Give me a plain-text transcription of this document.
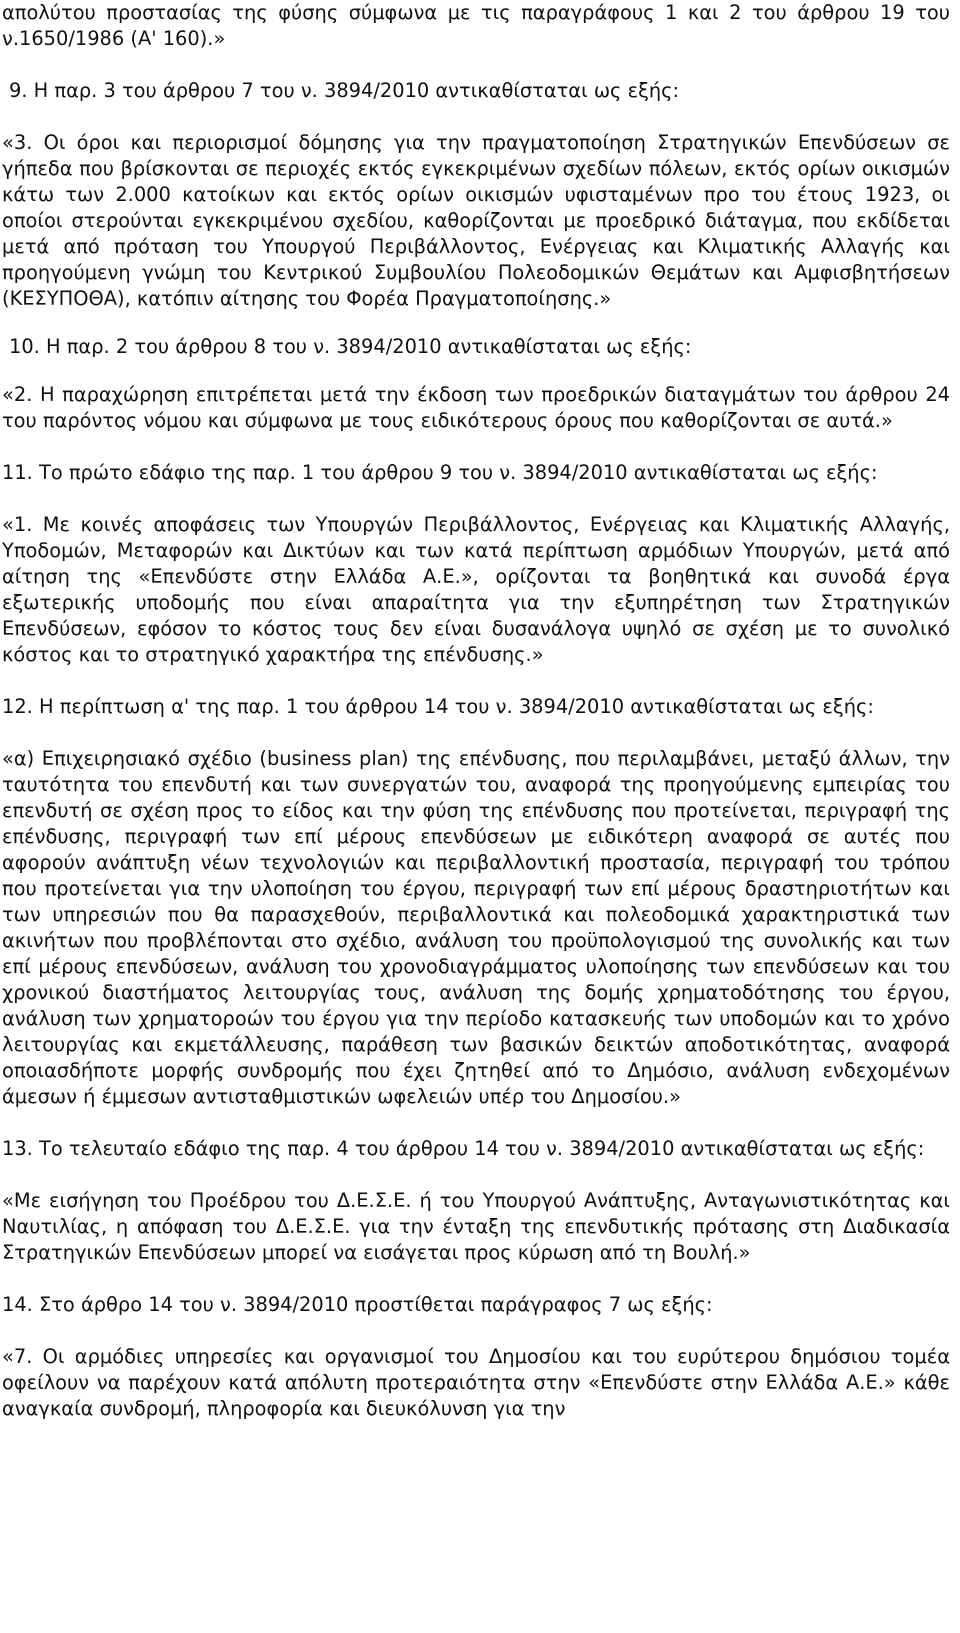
απολύτου προστασίας της φύσης σύμφωνα με τις παραγράφους 1 και 2 του άρθρου 19 του ν.1650/1986 (Α' 160).»

9. Η παρ. 3 του άρθρου 7 του ν. 3894/2010 αντικαθίσταται ως εξής:

«3. Οι όροι και περιορισμοί δόμησης για την πραγματοποίηση Στρατηγικών Επενδύσεων σε γήπεδα που βρίσκονται σε περιοχές εκτός εγκεκριμένων σχεδίων πόλεων, εκτός ορίων οικισμών κάτω των 2.000 κατοίκων και εκτός ορίων οικισμών υφισταμένων προ του έτους 1923, οι οποίοι στερούνται εγκεκριμένου σχεδίου, καθορίζονται με προεδρικό διάταγμα, που εκδίδεται μετά από πρόταση του Υπουργού Περιβάλλοντος, Ενέργειας και Κλιματικής Αλλαγής και προηγούμενη γνώμη του Κεντρικού Συμβουλίου Πολεοδομικών Θεμάτων και Αμφισβητήσεων (ΚΕΣΥΠΟΘΑ), κατόπιν αίτησης του Φορέα Πραγματοποίησης.»

10. Η παρ. 2 του άρθρου 8 του ν. 3894/2010 αντικαθίσταται ως εξής:

«2. Η παραχώρηση επιτρέπεται μετά την έκδοση των προεδρικών διαταγμάτων του άρθρου 24 του παρόντος νόμου και σύμφωνα με τους ειδικότερους όρους που καθορίζονται σε αυτά.»

11. Το πρώτο εδάφιο της παρ. 1 του άρθρου 9 του ν. 3894/2010 αντικαθίσταται ως εξής:

«1. Με κοινές αποφάσεις των Υπουργών Περιβάλλοντος, Ενέργειας και Κλιματικής Αλλαγής, Υποδομών, Μεταφορών και Δικτύων και των κατά περίπτωση αρμόδιων Υπουργών, μετά από αίτηση της «Επενδύστε στην Ελλάδα Α.Ε.», ορίζονται τα βοηθητικά και συνοδά έργα εξωτερικής υποδομής που είναι απαραίτητα για την εξυπηρέτηση των Στρατηγικών Επενδύσεων, εφόσον το κόστος τους δεν είναι δυσανάλογα υψηλό σε σχέση με το συνολικό κόστος και το στρατηγικό χαρακτήρα της επένδυσης.»

12. Η περίπτωση α' της παρ. 1 του άρθρου 14 του ν. 3894/2010 αντικαθίσταται ως εξής:

«α) Επιχειρησιακό σχέδιο (business plan) της επένδυσης, που περιλαμβάνει, μεταξύ άλλων, την ταυτότητα του επενδυτή και των συνεργατών του, αναφορά της προηγούμενης εμπειρίας του επενδυτή σε σχέση προς το είδος και την φύση της επένδυσης που προτείνεται, περιγραφή της επένδυσης, περιγραφή των επί μέρους επενδύσεων με ειδικότερη αναφορά σε αυτές που αφορούν ανάπτυξη νέων τεχνολογιών και περιβαλλοντική προστασία, περιγραφή του τρόπου που προτείνεται για την υλοποίηση του έργου, περιγραφή των επί μέρους δραστηριοτήτων και των υπηρεσιών που θα παρασχεθούν, περιβαλλοντικά και πολεοδομικά χαρακτηριστικά των ακινήτων που προβλέπονται στο σχέδιο, ανάλυση του προϋπολογισμού της συνολικής και των επί μέρους επενδύσεων, ανάλυση του χρονοδιαγράμματος υλοποίησης των επενδύσεων και του χρονικού διαστήματος λειτουργίας τους, ανάλυση της δομής χρηματοδότησης του έργου, ανάλυση των χρηματοροών του έργου για την περίοδο κατασκευής των υποδομών και το χρόνο λειτουργίας και εκμετάλλευσης, παράθεση των βασικών δεικτών αποδοτικότητας, αναφορά οποιασδήποτε μορφής συνδρομής που έχει ζητηθεί από το Δημόσιο, ανάλυση ενδεχομένων άμεσων ή έμμεσων αντισταθμιστικών ωφελειών υπέρ του Δημοσίου.»

13. Το τελευταίο εδάφιο της παρ. 4 του άρθρου 14 του ν. 3894/2010 αντικαθίσταται ως εξής:

«Με εισήγηση του Προέδρου του Δ.Ε.Σ.Ε. ή του Υπουργού Ανάπτυξης, Ανταγωνιστικότητας και Ναυτιλίας, η απόφαση του Δ.Ε.Σ.Ε. για την ένταξη της επενδυτικής πρότασης στη Διαδικασία Στρατηγικών Επενδύσεων μπορεί να εισάγεται προς κύρωση από τη Βουλή.»

14. Στο άρθρο 14 του ν. 3894/2010 προστίθεται παράγραφος 7 ως εξής:

«7. Οι αρμόδιες υπηρεσίες και οργανισμοί του Δημοσίου και του ευρύτερου δημόσιου τομέα οφείλουν να παρέχουν κατά απόλυτη προτεραιότητα στην «Επενδύστε στην Ελλάδα Α.Ε.» κάθε αναγκαία συνδρομή, πληροφορία και διευκόλυνση για την
